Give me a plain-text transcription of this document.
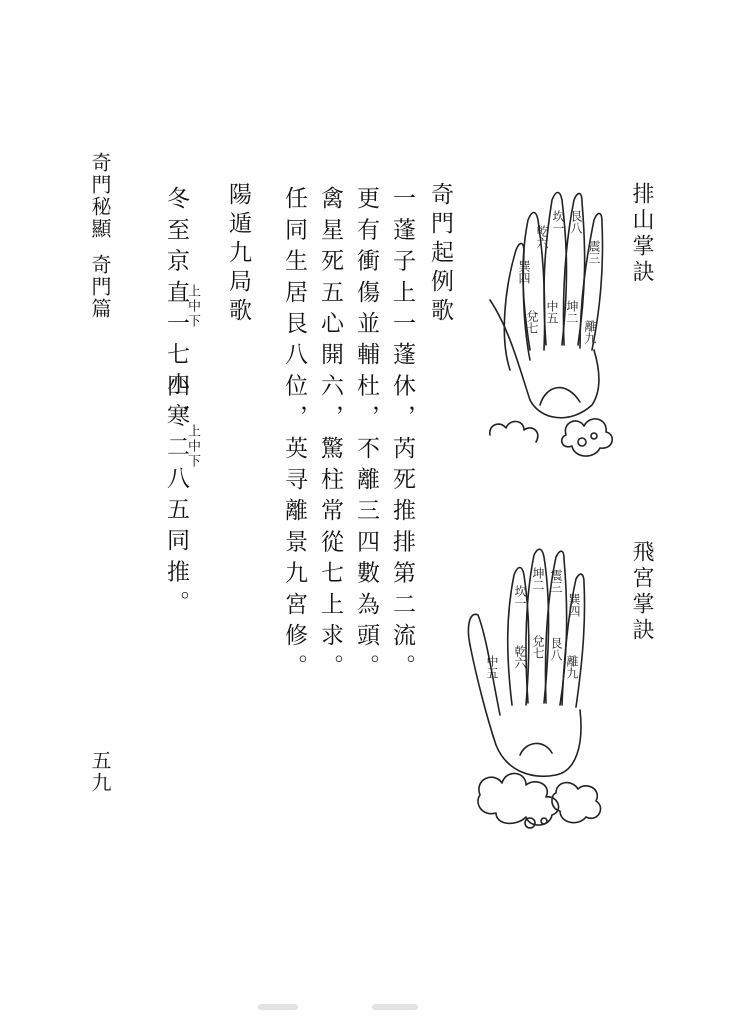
排山掌訣
乾六
坎一 艮八
震三
巽四
兌七 中五 坤二
離九
飛宮掌訣
坎一
坤二 震三
巽四
中五 乾六 兌七 艮八
離九
奇門起例歌
一蓬子上一蓬休，芮死推排第二流。
更有衝傷並輔杜，不離三四數為頭。
禽星死五心開六，驚柱常從七上求。
任同生居艮八位，英寻離景九宮修。
陽遁九局歌
冬至京直一七四，
小寒二八五同推。
上中下
上中下
奇門秘顯奇門篇
五九
